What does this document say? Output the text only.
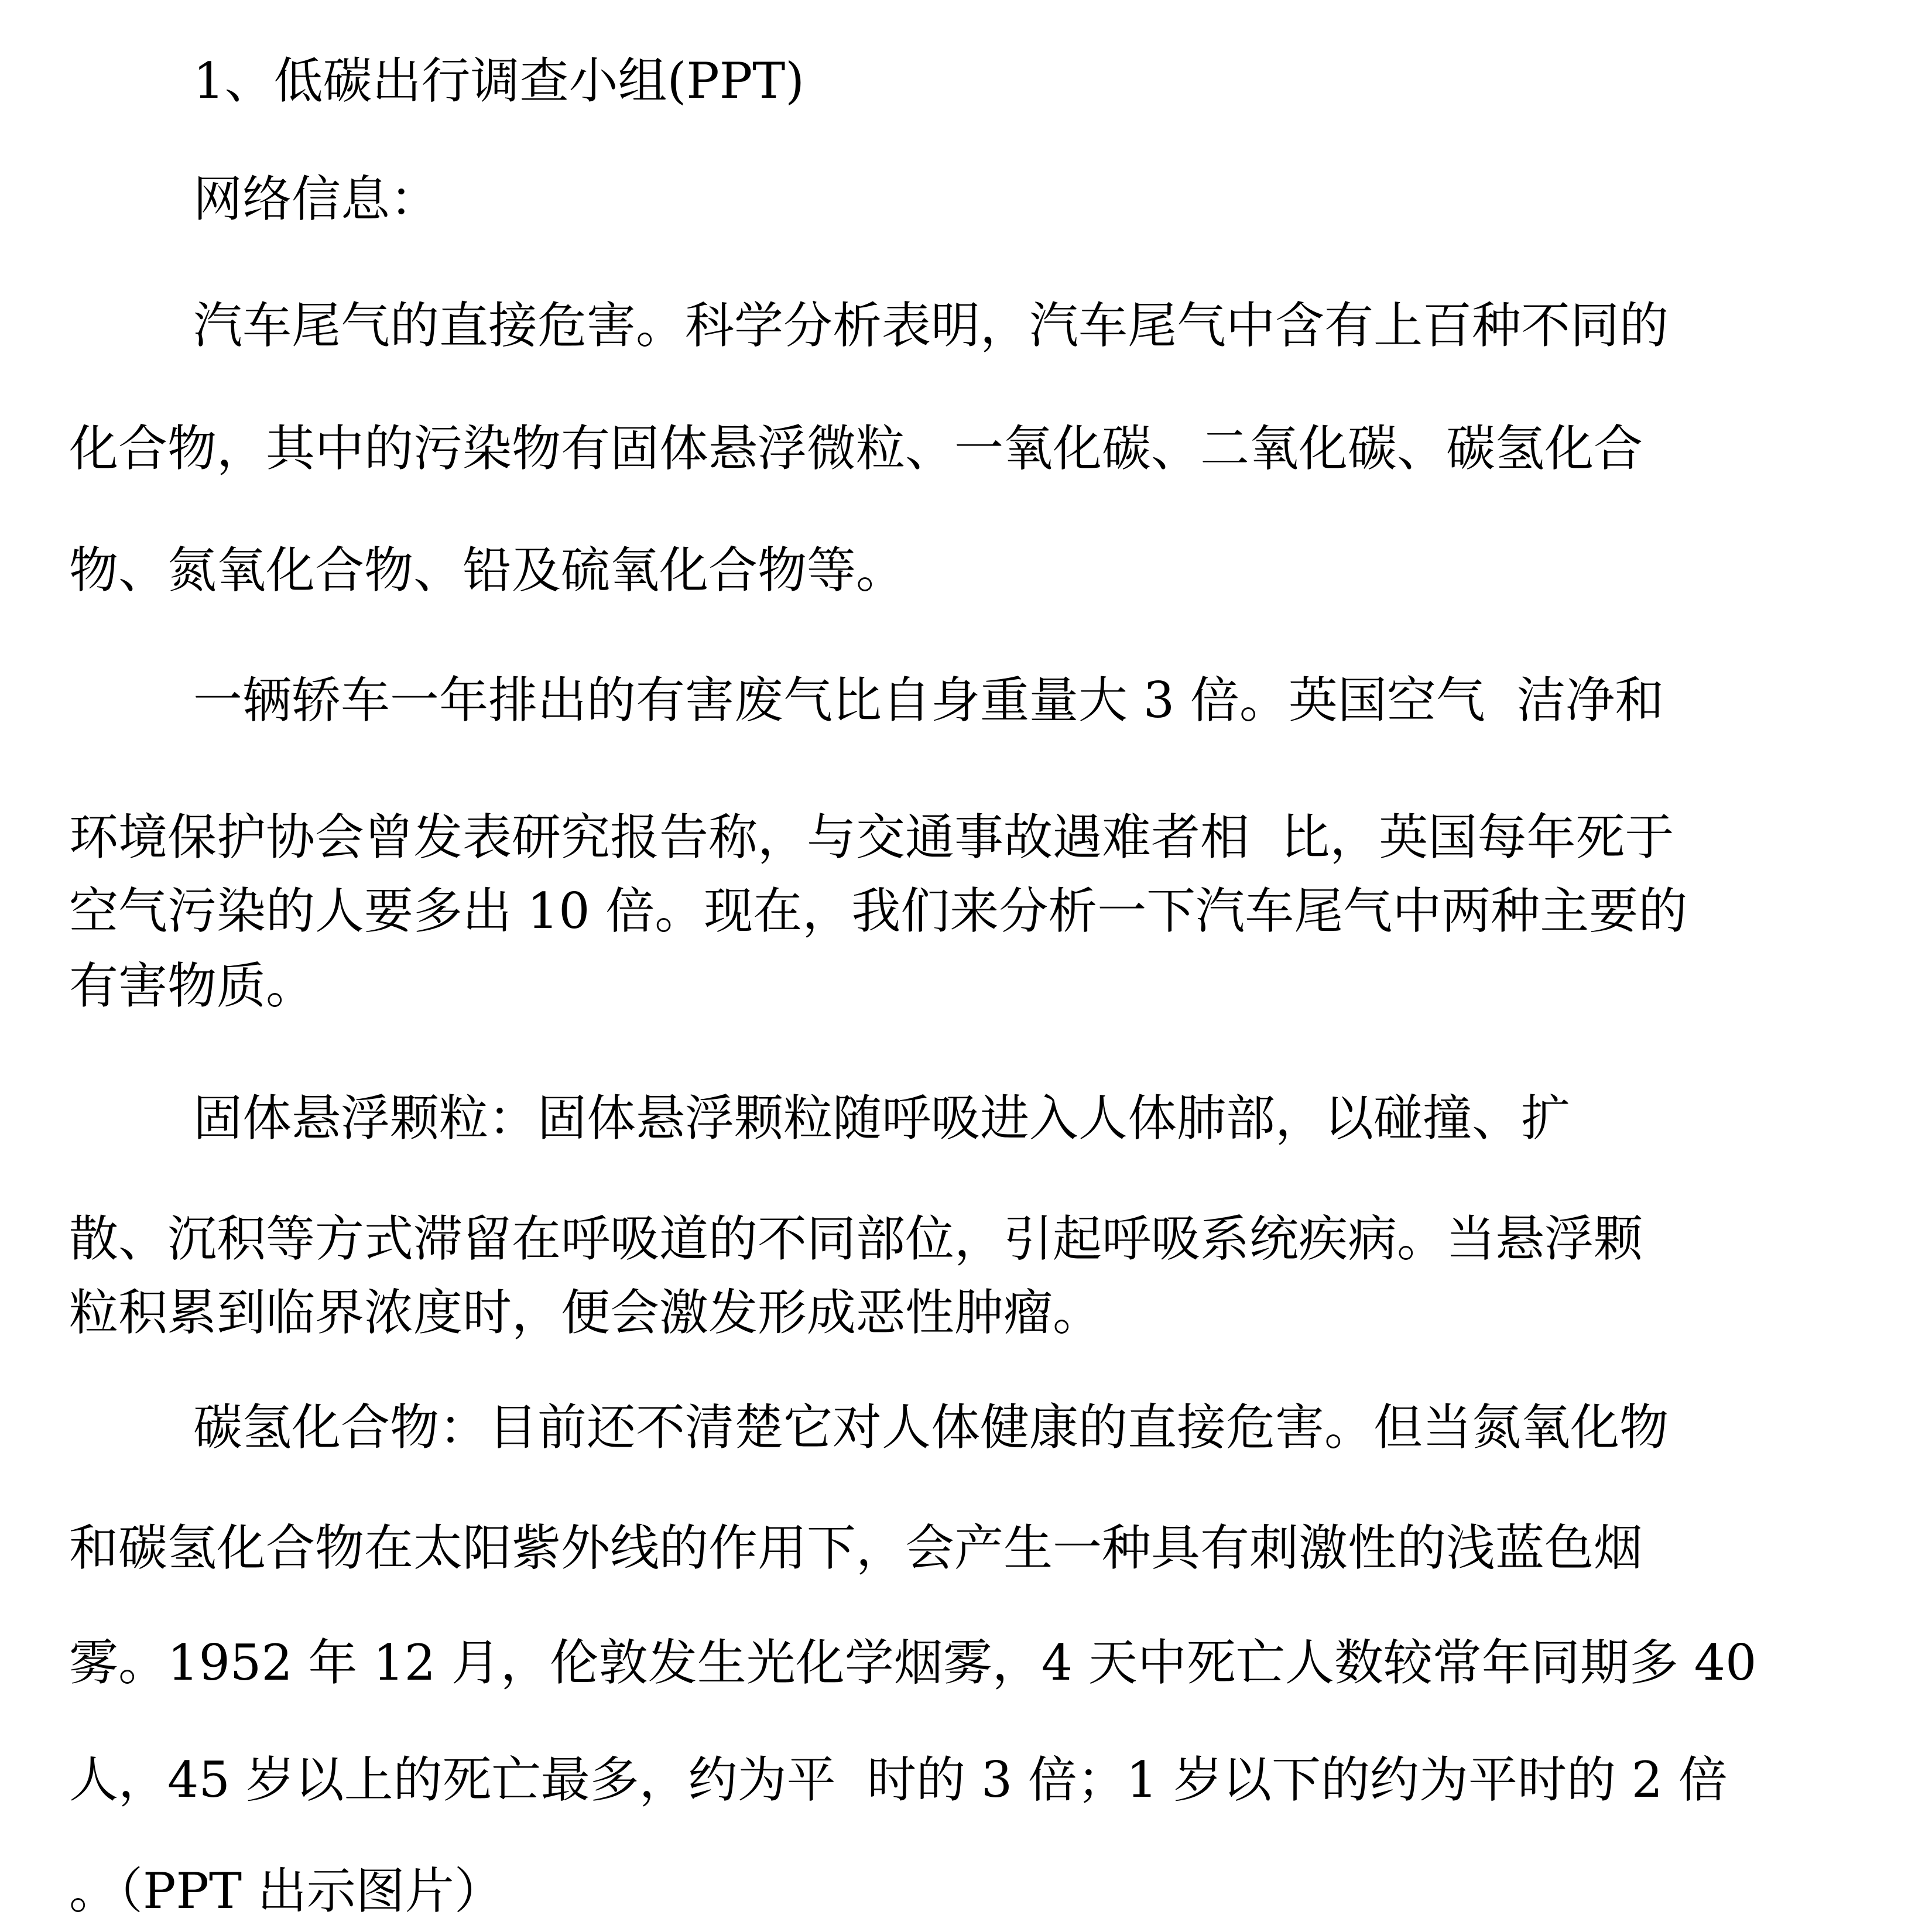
1、低碳出行调查小组(PPT)
网络信息：
汽车尾气的直接危害。科学分析表明，汽车尾气中含有上百种不同的
化合物，其中的污染物有固体悬浮微粒、一氧化碳、二氧化碳、碳氢化合
物、氮氧化合物、铅及硫氧化合物等。
一辆轿车一年排出的有害废气比自身重量大 3 倍。英国空气  洁净和
环境保护协会曾发表研究报告称，与交通事故遇难者相  比，英国每年死于
空气污染的人要多出 10 倍。现在，我们来分析一下汽车尾气中两种主要的
有害物质。
固体悬浮颗粒：固体悬浮颗粒随呼吸进入人体肺部，以碰撞、扩
散、沉积等方式滞留在呼吸道的不同部位，引起呼吸系统疾病。当悬浮颗
粒积累到临界浓度时，便会激发形成恶性肿瘤。
碳氢化合物：目前还不清楚它对人体健康的直接危害。但当氮氧化物
和碳氢化合物在太阳紫外线的作用下，会产生一种具有刺激性的浅蓝色烟
雾。1952 年 12 月，伦敦发生光化学烟雾，4 天中死亡人数较常年同期多 40
人，45 岁以上的死亡最多，约为平  时的 3 倍；1 岁以下的约为平时的 2 倍
。（PPT 出示图片）
